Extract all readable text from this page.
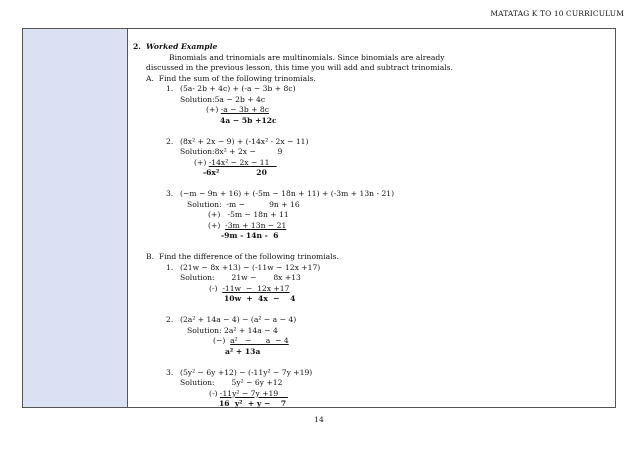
MATATAG K TO 10 CURRICULUM
2. Worked Example
Binomials and trinomials are multinomials. Since binomials are already
discussed in the previous lesson, this time you will add and subtract trinomials.
A.  Find the sum of the following trinomials.
1. (5a- 2b + 4c) + (-a − 3b + 8c)
Solution:5a − 2b + 4c
(+) -a − 3b + 8c
4a − 5b +12c
2. (8x² + 2x − 9) + (-14x² - 2x − 11)
Solution:8x² + 2x −         9
(+) -14x² − 2x − 11
-6x²              20
3. (−m − 9n + 16) + (-5m − 18n + 11) + (-3m + 13n - 21)
Solution:  -m −          9n + 16
(+)   -5m − 18n + 11
(+)  -3m + 13n − 21
-9m - 14n -  6
B.  Find the difference of the following trinomials.
1. (21w − 8x +13) − (-11w − 12x +17)
Solution:       21w −       8x +13
(-)  -11w  −  12x +17
10w  +  4x  −    4
2. (2a² + 14a − 4) − (a² − a − 4)
Solution: 2a² + 14a − 4
(−)  a²   −      a  − 4
a² + 13a
3. (5y² − 6y +12) − (-11y² − 7y +19)
Solution:       5y² − 6y +12
(-) -11y² − 7y +19
16  y²  + y −    7
14
